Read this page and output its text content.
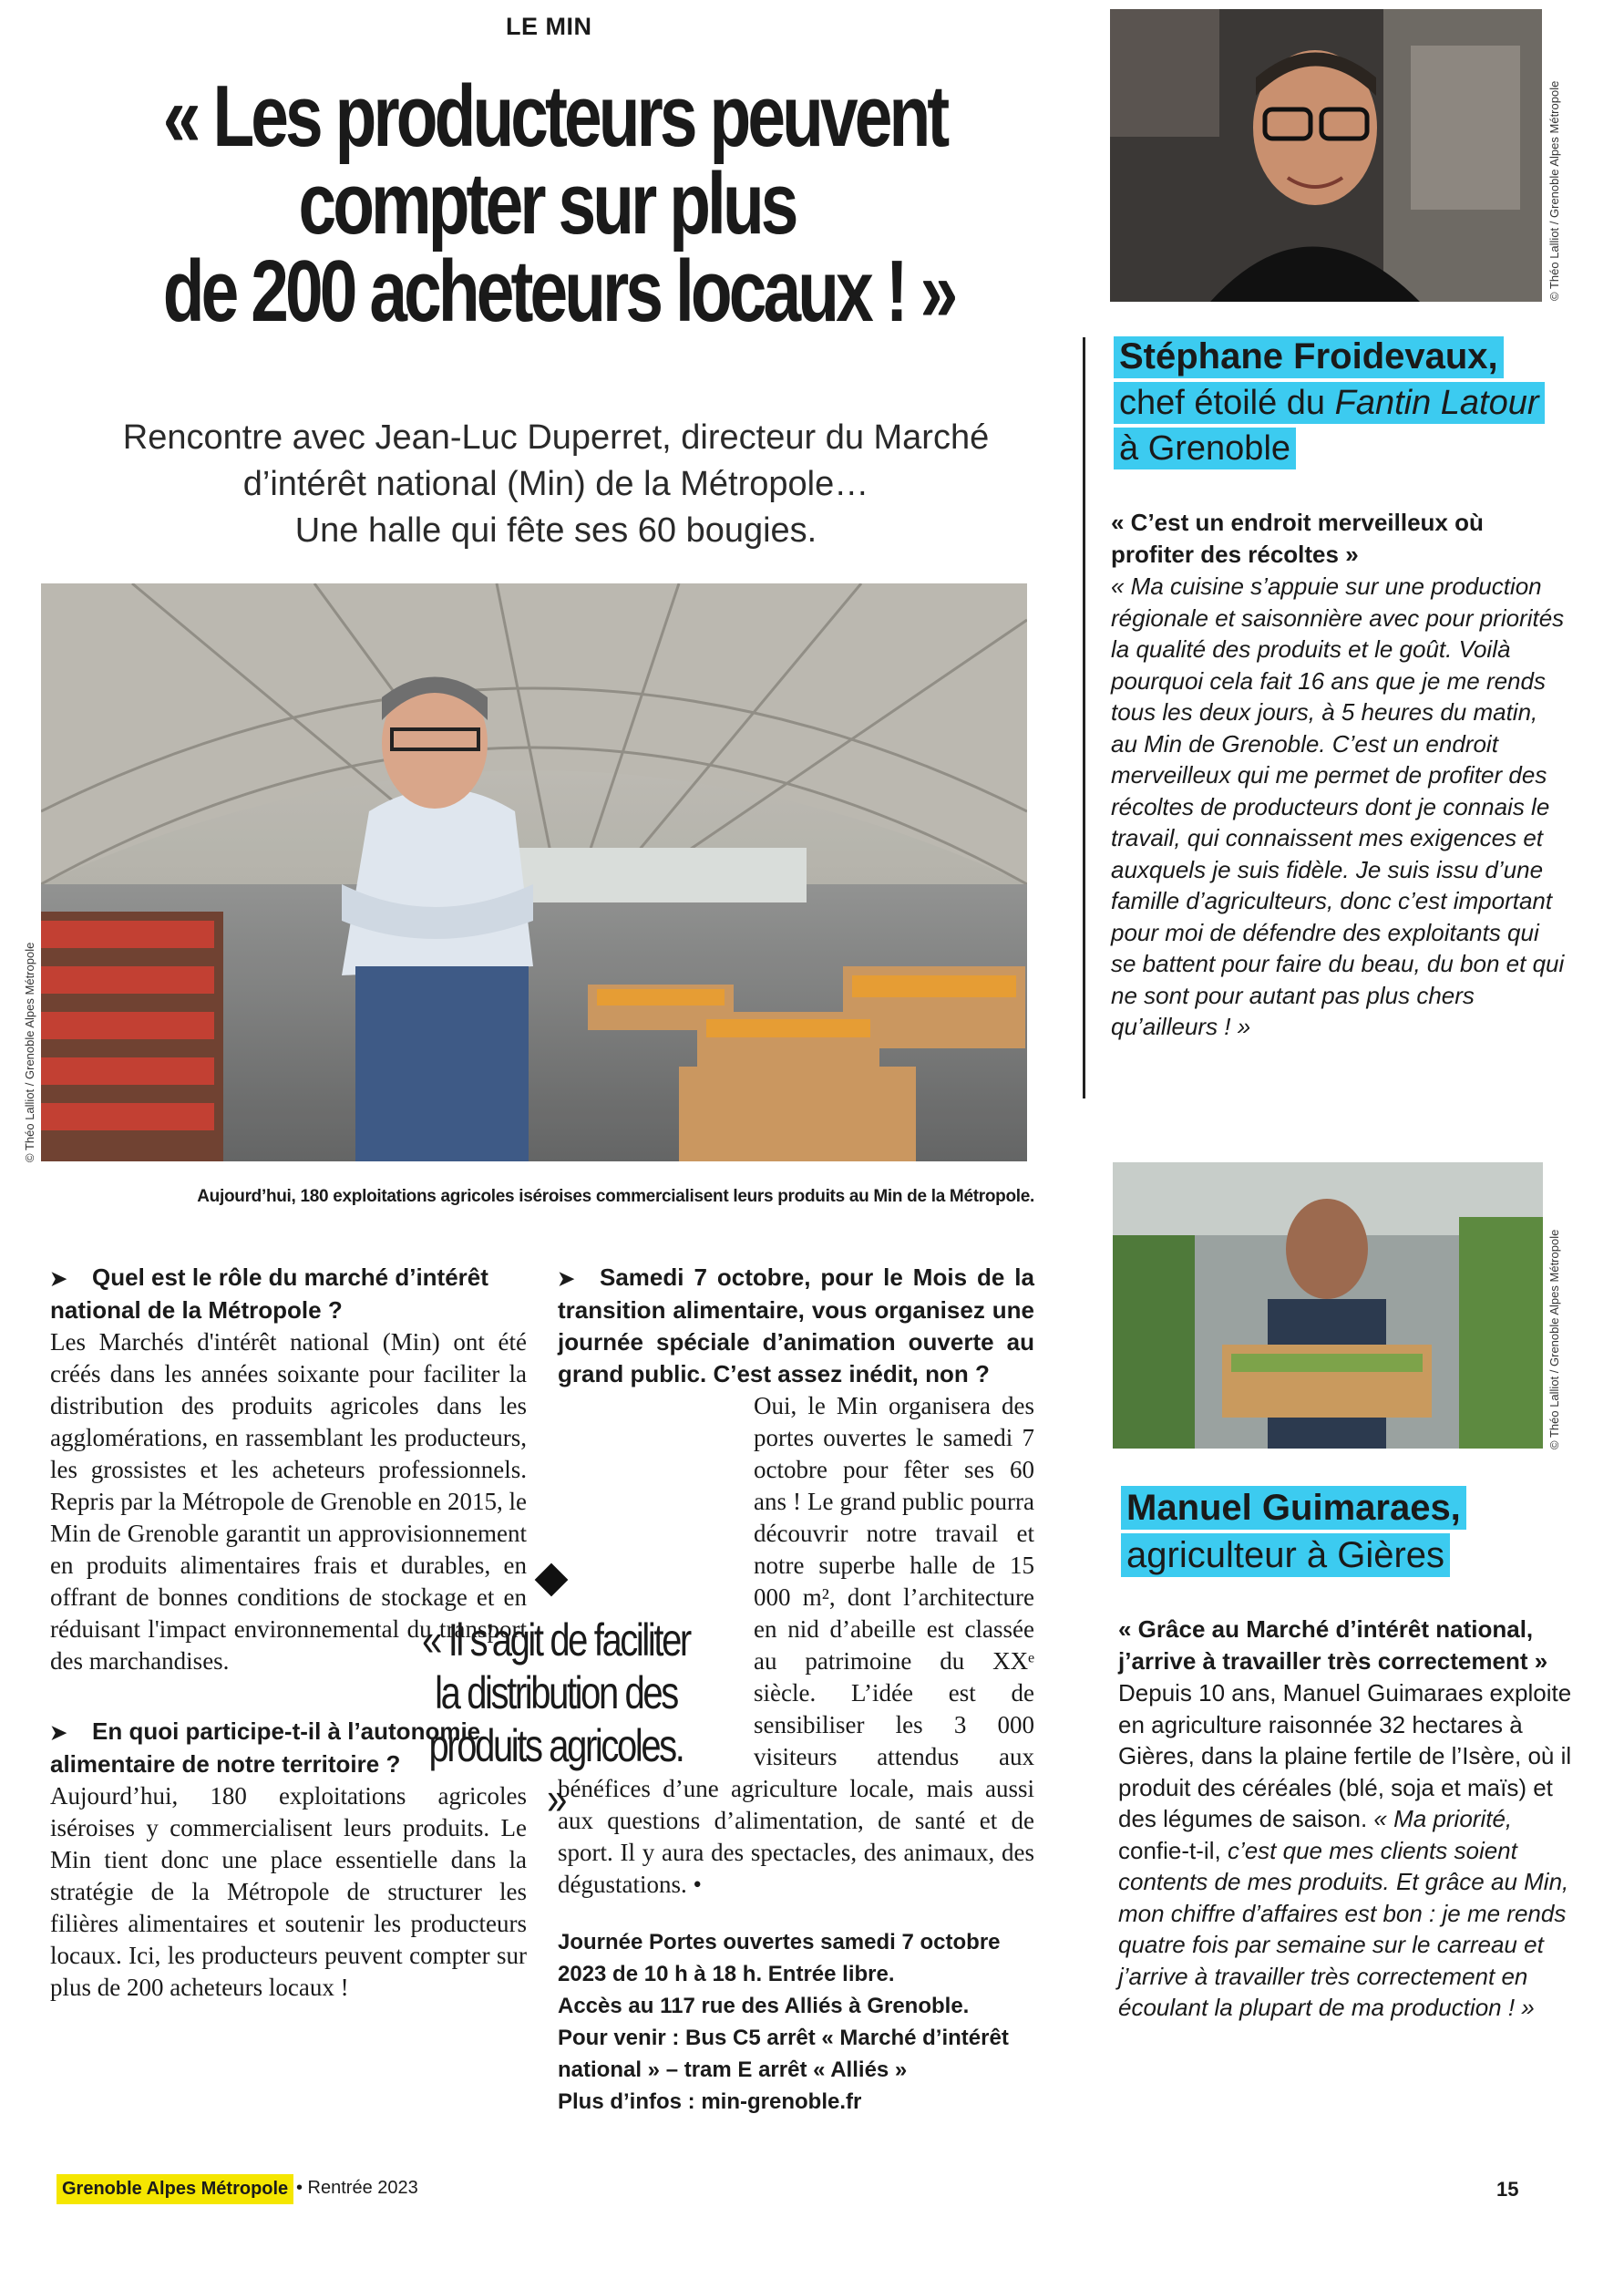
LE MIN
« Les producteurs peuvent
compter sur plus
de 200 acheteurs locaux ! »
Rencontre avec Jean-Luc Duperret, directeur du Marché
d’intérêt national (Min) de la Métropole…
Une halle qui fête ses 60 bougies.
© Théo Lalliot / Grenoble Alpes Métropole
Aujourd’hui, 180 exploitations agricoles iséroises commercialisent leurs produits au Min de la Métropole.
➤ Quel est le rôle du marché d’intérêt national de la Métropole ?
Les Marchés d'intérêt national (Min) ont été créés dans les années soixante pour faciliter la distribution des produits agricoles dans les agglomérations, en rassemblant les producteurs, les grossistes et les acheteurs professionnels. Repris par la Métropole de Grenoble en 2015, le Min de Grenoble garantit un approvisionnement en produits alimentaires frais et durables, en offrant de bonnes conditions de stockage et en réduisant l'impact environnemental du transport des marchandises.
➤ En quoi participe-t-il à l’autonomie alimentaire de notre territoire ?
Aujourd’hui, 180 exploitations agricoles iséroises y commercialisent leurs produits. Le Min tient donc une place essentielle dans la stratégie de la Métropole de structurer les filières alimentaires et soutenir les producteurs locaux. Ici, les producteurs peuvent compter sur plus de 200 acheteurs locaux !
➤ Samedi 7 octobre, pour le Mois de la transition alimentaire, vous organisez une journée spéciale d’animation ouverte au grand public. C’est assez inédit, non ?
Oui, le Min organisera des portes ouvertes le samedi 7 octobre pour fêter ses 60 ans ! Le grand public pourra découvrir notre travail et notre superbe halle de 15 000 m², dont l’architecture en nid d’abeille est classée au patrimoine du XXᵉ siècle. L’idée est de sensibiliser les 3 000 visiteurs attendus aux bénéfices d’une agriculture locale, mais aussi aux questions d’alimentation, de santé et de sport. Il y aura des spectacles, des animaux, des dégustations. •
« Il s’agit de faciliter la distribution des produits agricoles. »
Journée Portes ouvertes samedi 7 octobre 2023 de 10 h à 18 h. Entrée libre.
Accès au 117 rue des Alliés à Grenoble.
Pour venir : Bus C5 arrêt « Marché d’intérêt national » – tram E arrêt « Alliés »
Plus d’infos : min-grenoble.fr
© Théo Lalliot / Grenoble Alpes Métropole
Stéphane Froidevaux,
chef étoilé du Fantin Latour
à Grenoble
« C’est un endroit merveilleux où profiter des récoltes »
« Ma cuisine s’appuie sur une production régionale et saisonnière avec pour priorités la qualité des produits et le goût. Voilà pourquoi cela fait 16 ans que je me rends tous les deux jours, à 5 heures du matin, au Min de Grenoble. C’est un endroit merveilleux qui me permet de profiter des récoltes de producteurs dont je connais le travail, qui connaissent mes exigences et auxquels je suis fidèle. Je suis issu d’une famille d’agriculteurs, donc c’est important pour moi de défendre des exploitants qui se battent pour faire du beau, du bon et qui ne sont pour autant pas plus chers qu’ailleurs ! »
© Théo Lalliot / Grenoble Alpes Métropole
Manuel Guimaraes,
agriculteur à Gières
« Grâce au Marché d’intérêt national, j’arrive à travailler très correctement »
Depuis 10 ans, Manuel Guimaraes exploite en agriculture raisonnée 32 hectares à Gières, dans la plaine fertile de l’Isère, où il produit des céréales (blé, soja et maïs) et des légumes de saison. « Ma priorité, confie-t-il, c’est que mes clients soient contents de mes produits. Et grâce au Min, mon chiffre d’affaires est bon : je me rends quatre fois par semaine sur le carreau et j’arrive à travailler très correctement en écoulant la plupart de ma production ! »
Grenoble Alpes Métropole • Rentrée 2023	15
